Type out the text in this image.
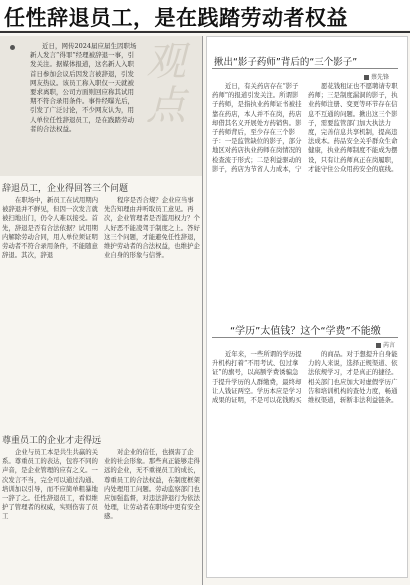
任性辞退员工，是在践踏劳动者权益

近日，网传2024届应届生因职场新人发言“得罪”经理被辞退一事，引发关注。据媒体报道，这名新人入职首日参加会议后因发言被辞退，引发网友热议。该员工称入职仅一天就被要求离职，公司方面则回应称其试用期不符合录用条件。事件经曝光后，引发了广泛讨论，不少网友认为，用人单位任性辞退员工，是在践踏劳动者的合法权益。

观点
辞退员工，企业得回答三个问题

在职场中，新员工在试用期内被辞退并不鲜见，但因一次发言就被扫地出门，仍令人难以接受。首先，辞退是否有合法依据？试用期内解除劳动合同，用人单位须证明劳动者不符合录用条件，不能随意辞退。其次，辞退

程序是否合规？企业应当事先告知理由并听取员工意见。再次，企业管理者是否滥用权力？个人好恶不能凌驾于制度之上。答好这三个问题，才能避免任性辞退，维护劳动者的合法权益，也维护企业自身的形象与信誉。

尊重员工的企业才走得远

企业与员工本是共生共赢的关系。尊重员工的表达，包容不同的声音，是企业管理的应有之义。一次发言不当，完全可以通过沟通、培训加以引导，而不应简单粗暴地一辞了之。任性辞退员工，看似维护了管理者的权威，实则伤害了员工

对企业的信任，也损害了企业的社会形象。那些真正能够走得远的企业，无不重视员工的成长，尊重员工的合法权益，在制度框架内处理用工问题。劳动监察部门也应加强监督，对违法辞退行为依法处理，让劳动者在职场中更有安全感。

揪出“影子药师”背后的“三个影子”
蔡先锋

近日，有关药店存在“影子药师”的报道引发关注。所谓影子药师，是指执业药师证书被挂靠在药店，本人并不在岗，药店却借其名义开展处方药销售。影子药师背后，至少存在三个影子：一是监管缺位的影子，部分地区对药店执业药师在岗情况的检查流于形式；二是利益驱动的影子，药店为节省人力成本，宁

愿花钱租证也不愿聘请专职药师；三是制度漏洞的影子，执业药师注册、变更等环节存在信息不互通的问题。揪出这三个影子，需要监管部门加大执法力度，完善信息共享机制，提高违法成本。药品安全关乎群众生命健康，执业药师制度不能成为摆设，只有让药师真正在岗履职，才能守住公众用药安全的底线。

“学历”太值钱？这个“学费”不能缴
芮言

近年来，一些所谓的学历提升机构打着“不用考试、包过拿证”的旗号，以高额学费诱骗急于提升学历的人群缴费，最终却让人钱证两空。学历本应是学习成果的证明，不是可以花钱购买

的商品。对于想提升自身能力的人来说，选择正规渠道、依法依规学习，才是真正的捷径。相关部门也应加大对虚假学历广告和培训机构的查处力度，畅通维权渠道，斩断非法利益链条。
